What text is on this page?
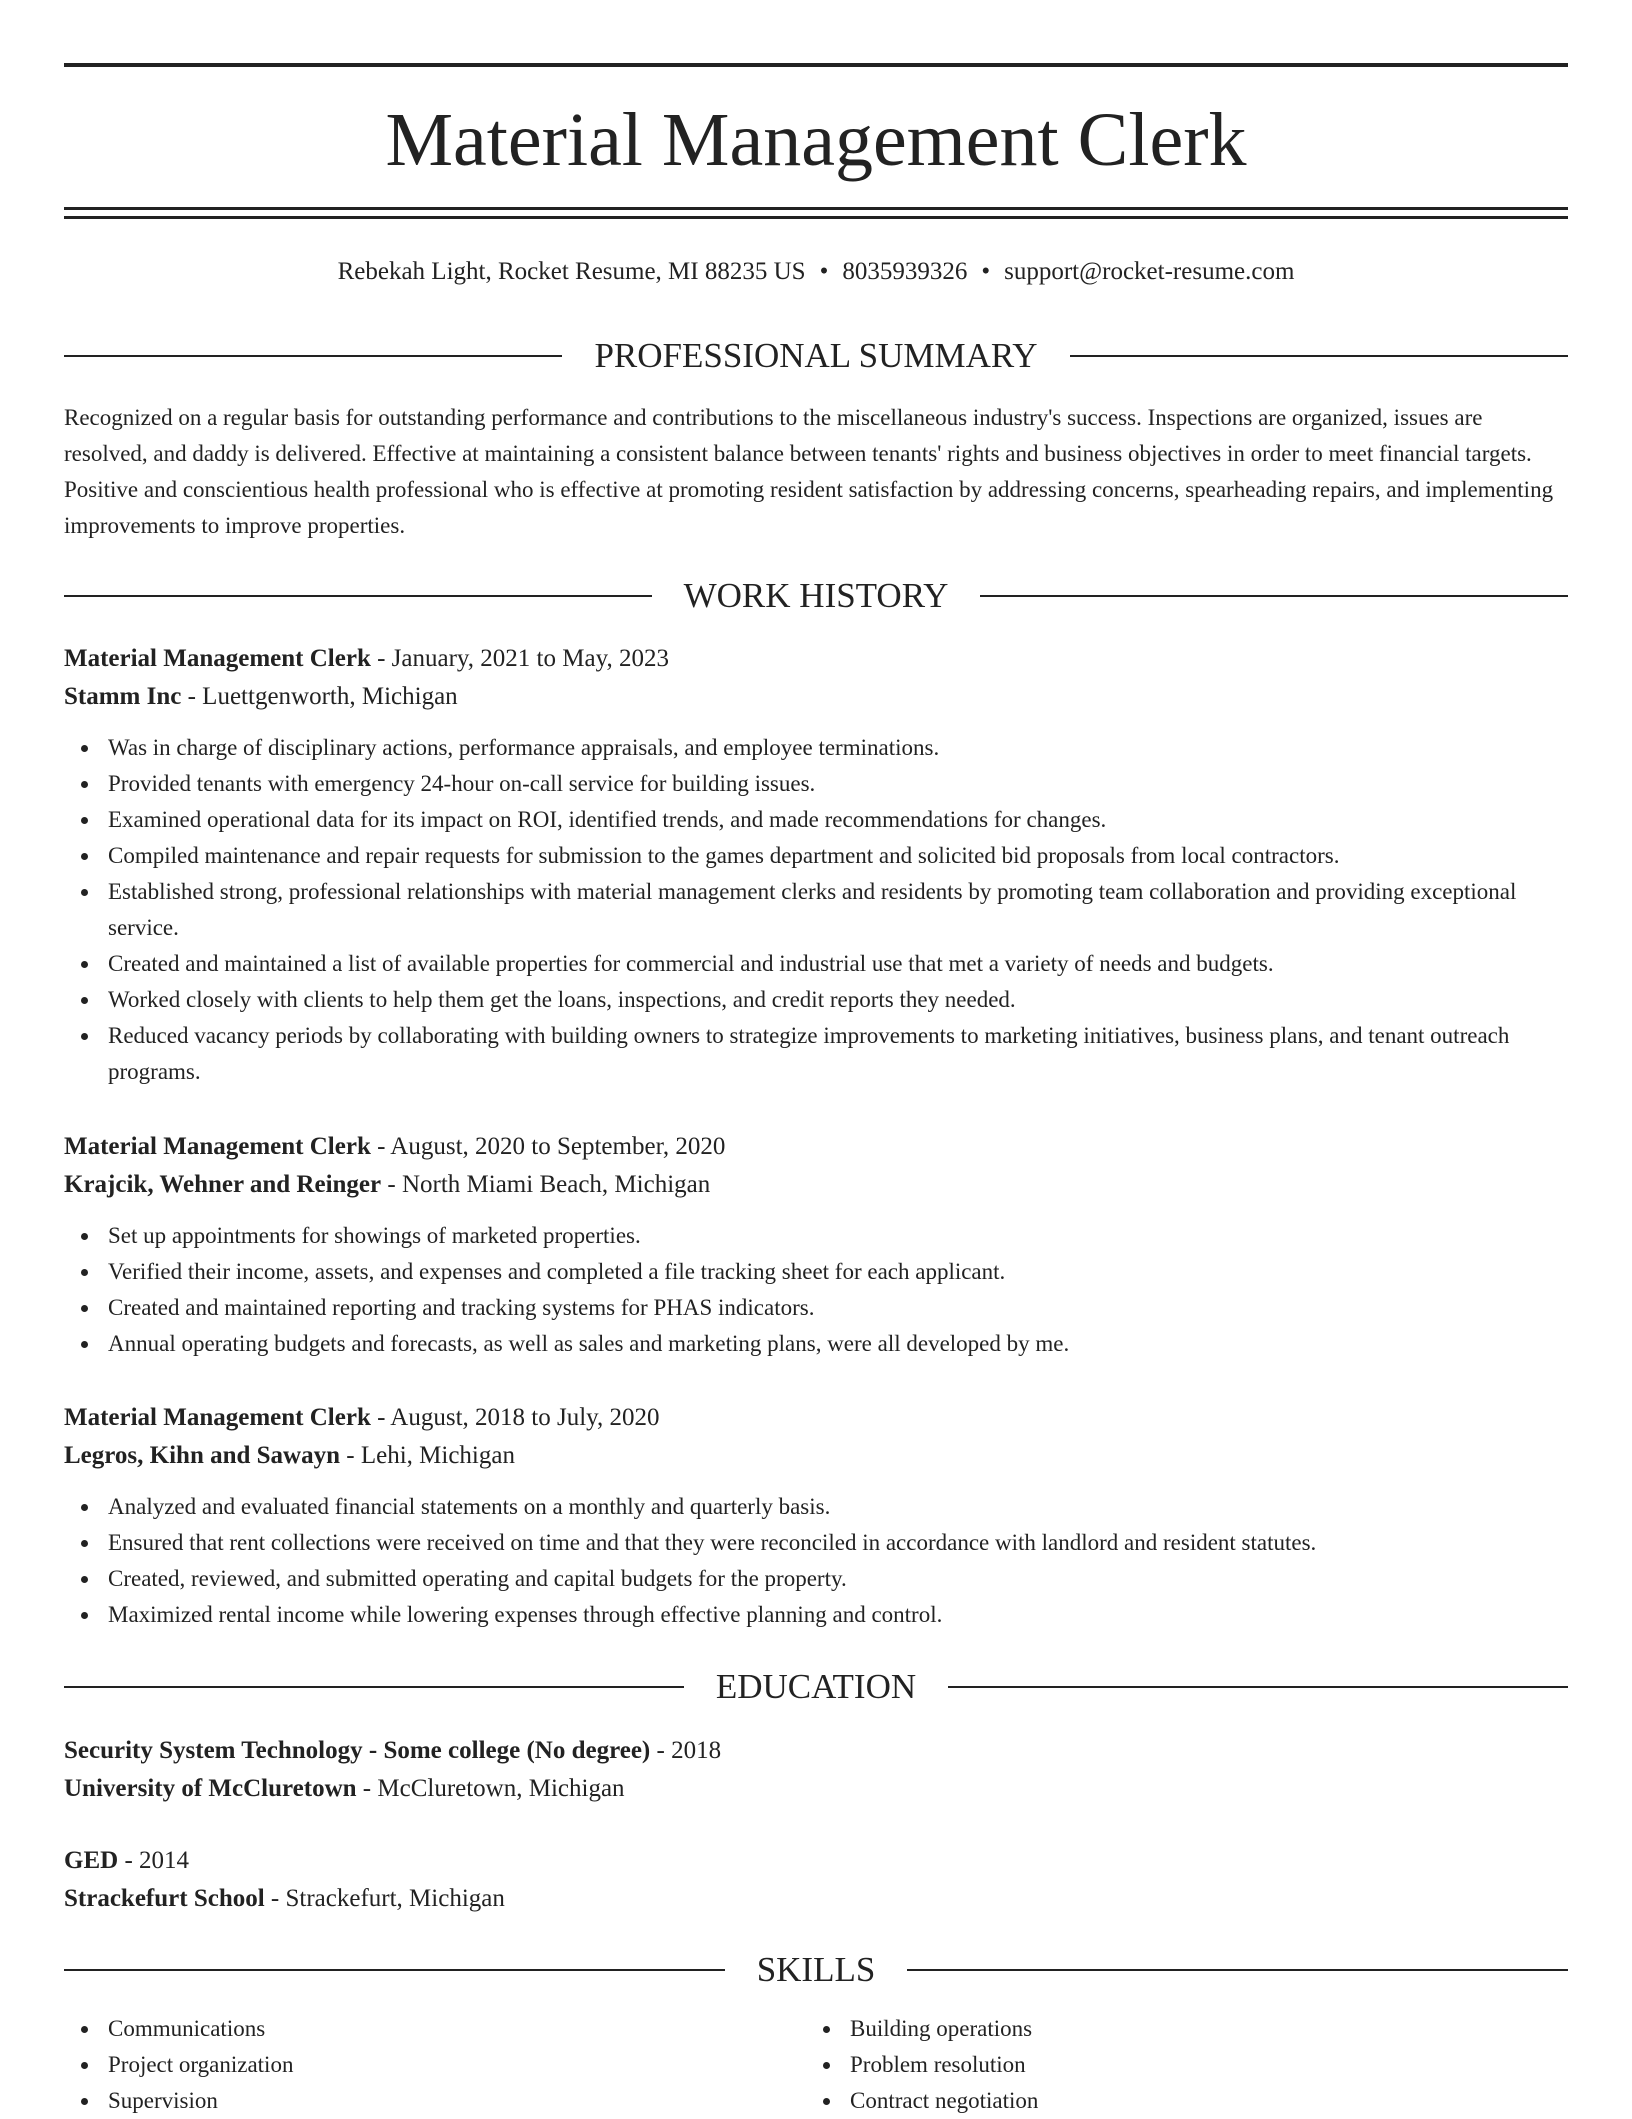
Material Management Clerk
Rebekah Light, Rocket Resume, MI 88235 US • 8035939326 • support@rocket-resume.com
PROFESSIONAL SUMMARY

Recognized on a regular basis for outstanding performance and contributions to the miscellaneous industry's success. Inspections are organized, issues are resolved, and daddy is delivered. Effective at maintaining a consistent balance between tenants' rights and business objectives in order to meet financial targets. Positive and conscientious health professional who is effective at promoting resident satisfaction by addressing concerns, spearheading repairs, and implementing improvements to improve properties.

WORK HISTORY
Material Management Clerk - January, 2021 to May, 2023
Stamm Inc - Luettgenworth, Michigan
Was in charge of disciplinary actions, performance appraisals, and employee terminations.
Provided tenants with emergency 24-hour on-call service for building issues.
Examined operational data for its impact on ROI, identified trends, and made recommendations for changes.
Compiled maintenance and repair requests for submission to the games department and solicited bid proposals from local contractors.
Established strong, professional relationships with material management clerks and residents by promoting team collaboration and providing exceptional service.
Created and maintained a list of available properties for commercial and industrial use that met a variety of needs and budgets.
Worked closely with clients to help them get the loans, inspections, and credit reports they needed.
Reduced vacancy periods by collaborating with building owners to strategize improvements to marketing initiatives, business plans, and tenant outreach programs.
Material Management Clerk - August, 2020 to September, 2020
Krajcik, Wehner and Reinger - North Miami Beach, Michigan
Set up appointments for showings of marketed properties.
Verified their income, assets, and expenses and completed a file tracking sheet for each applicant.
Created and maintained reporting and tracking systems for PHAS indicators.
Annual operating budgets and forecasts, as well as sales and marketing plans, were all developed by me.
Material Management Clerk - August, 2018 to July, 2020
Legros, Kihn and Sawayn - Lehi, Michigan
Analyzed and evaluated financial statements on a monthly and quarterly basis.
Ensured that rent collections were received on time and that they were reconciled in accordance with landlord and resident statutes.
Created, reviewed, and submitted operating and capital budgets for the property.
Maximized rental income while lowering expenses through effective planning and control.
EDUCATION
Security System Technology - Some college (No degree) - 2018
University of McCluretown - McCluretown, Michigan
GED - 2014
Strackefurt School - Strackefurt, Michigan
SKILLS
Communications
Project organization
Supervision
Building operations
Problem resolution
Contract negotiation
